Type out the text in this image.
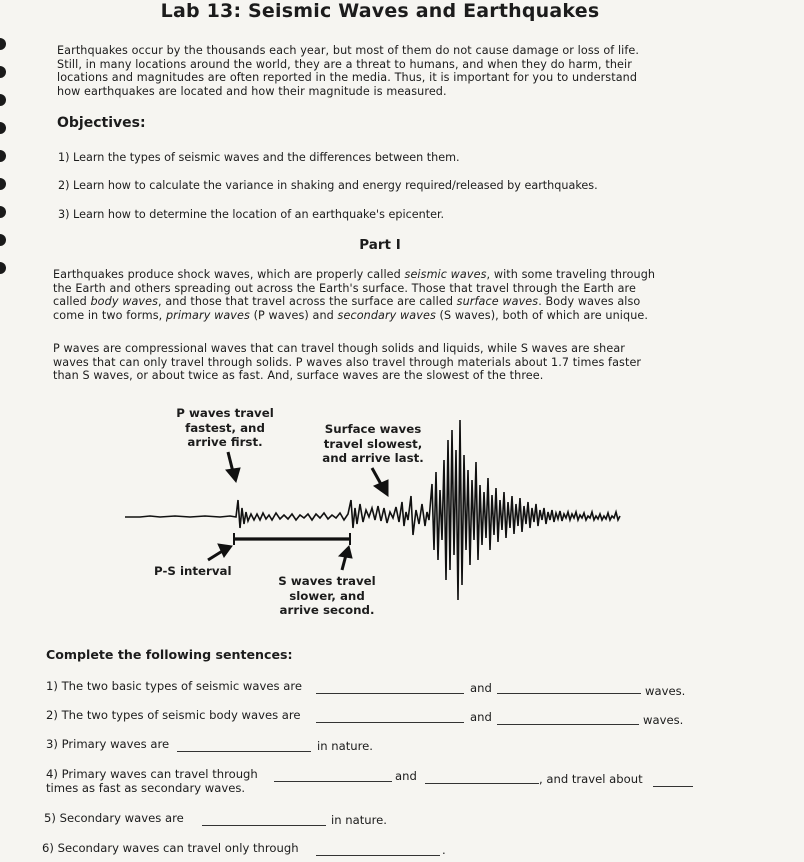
Lab 13: Seismic Waves and Earthquakes
Earthquakes occur by the thousands each year, but most of them do not cause damage or loss of life.
Still, in many locations around the world, they are a threat to humans, and when they do harm, their
locations and magnitudes are often reported in the media. Thus, it is important for you to understand
how earthquakes are located and how their magnitude is measured.
Objectives:
1) Learn the types of seismic waves and the differences between them.
2) Learn how to calculate the variance in shaking and energy required/released by earthquakes.
3) Learn how to determine the location of an earthquake's epicenter.
Part I
Earthquakes produce shock waves, which are properly called seismic waves, with some traveling through
the Earth and others spreading out across the Earth's surface. Those that travel through the Earth are
called body waves, and those that travel across the surface are called surface waves. Body waves also
come in two forms, primary waves (P waves) and secondary waves (S waves), both of which are unique.
P waves are compressional waves that can travel though solids and liquids, while S waves are shear
waves that can only travel through solids. P waves also travel through materials about 1.7 times faster
than S waves, or about twice as fast. And, surface waves are the slowest of the three.
P waves travel
fastest, and
arrive first.
Surface waves
travel slowest,
and arrive last.
P-S interval
S waves travel
slower, and
arrive second.
Complete the following sentences:
1) The two basic types of seismic waves are	and	waves.
2) The two types of seismic body waves are	and	waves.
3) Primary waves are	in nature.
4) Primary waves can travel through	and	, and travel about
times as fast as secondary waves.
5) Secondary waves are	in nature.
6) Secondary waves can travel only through	.
